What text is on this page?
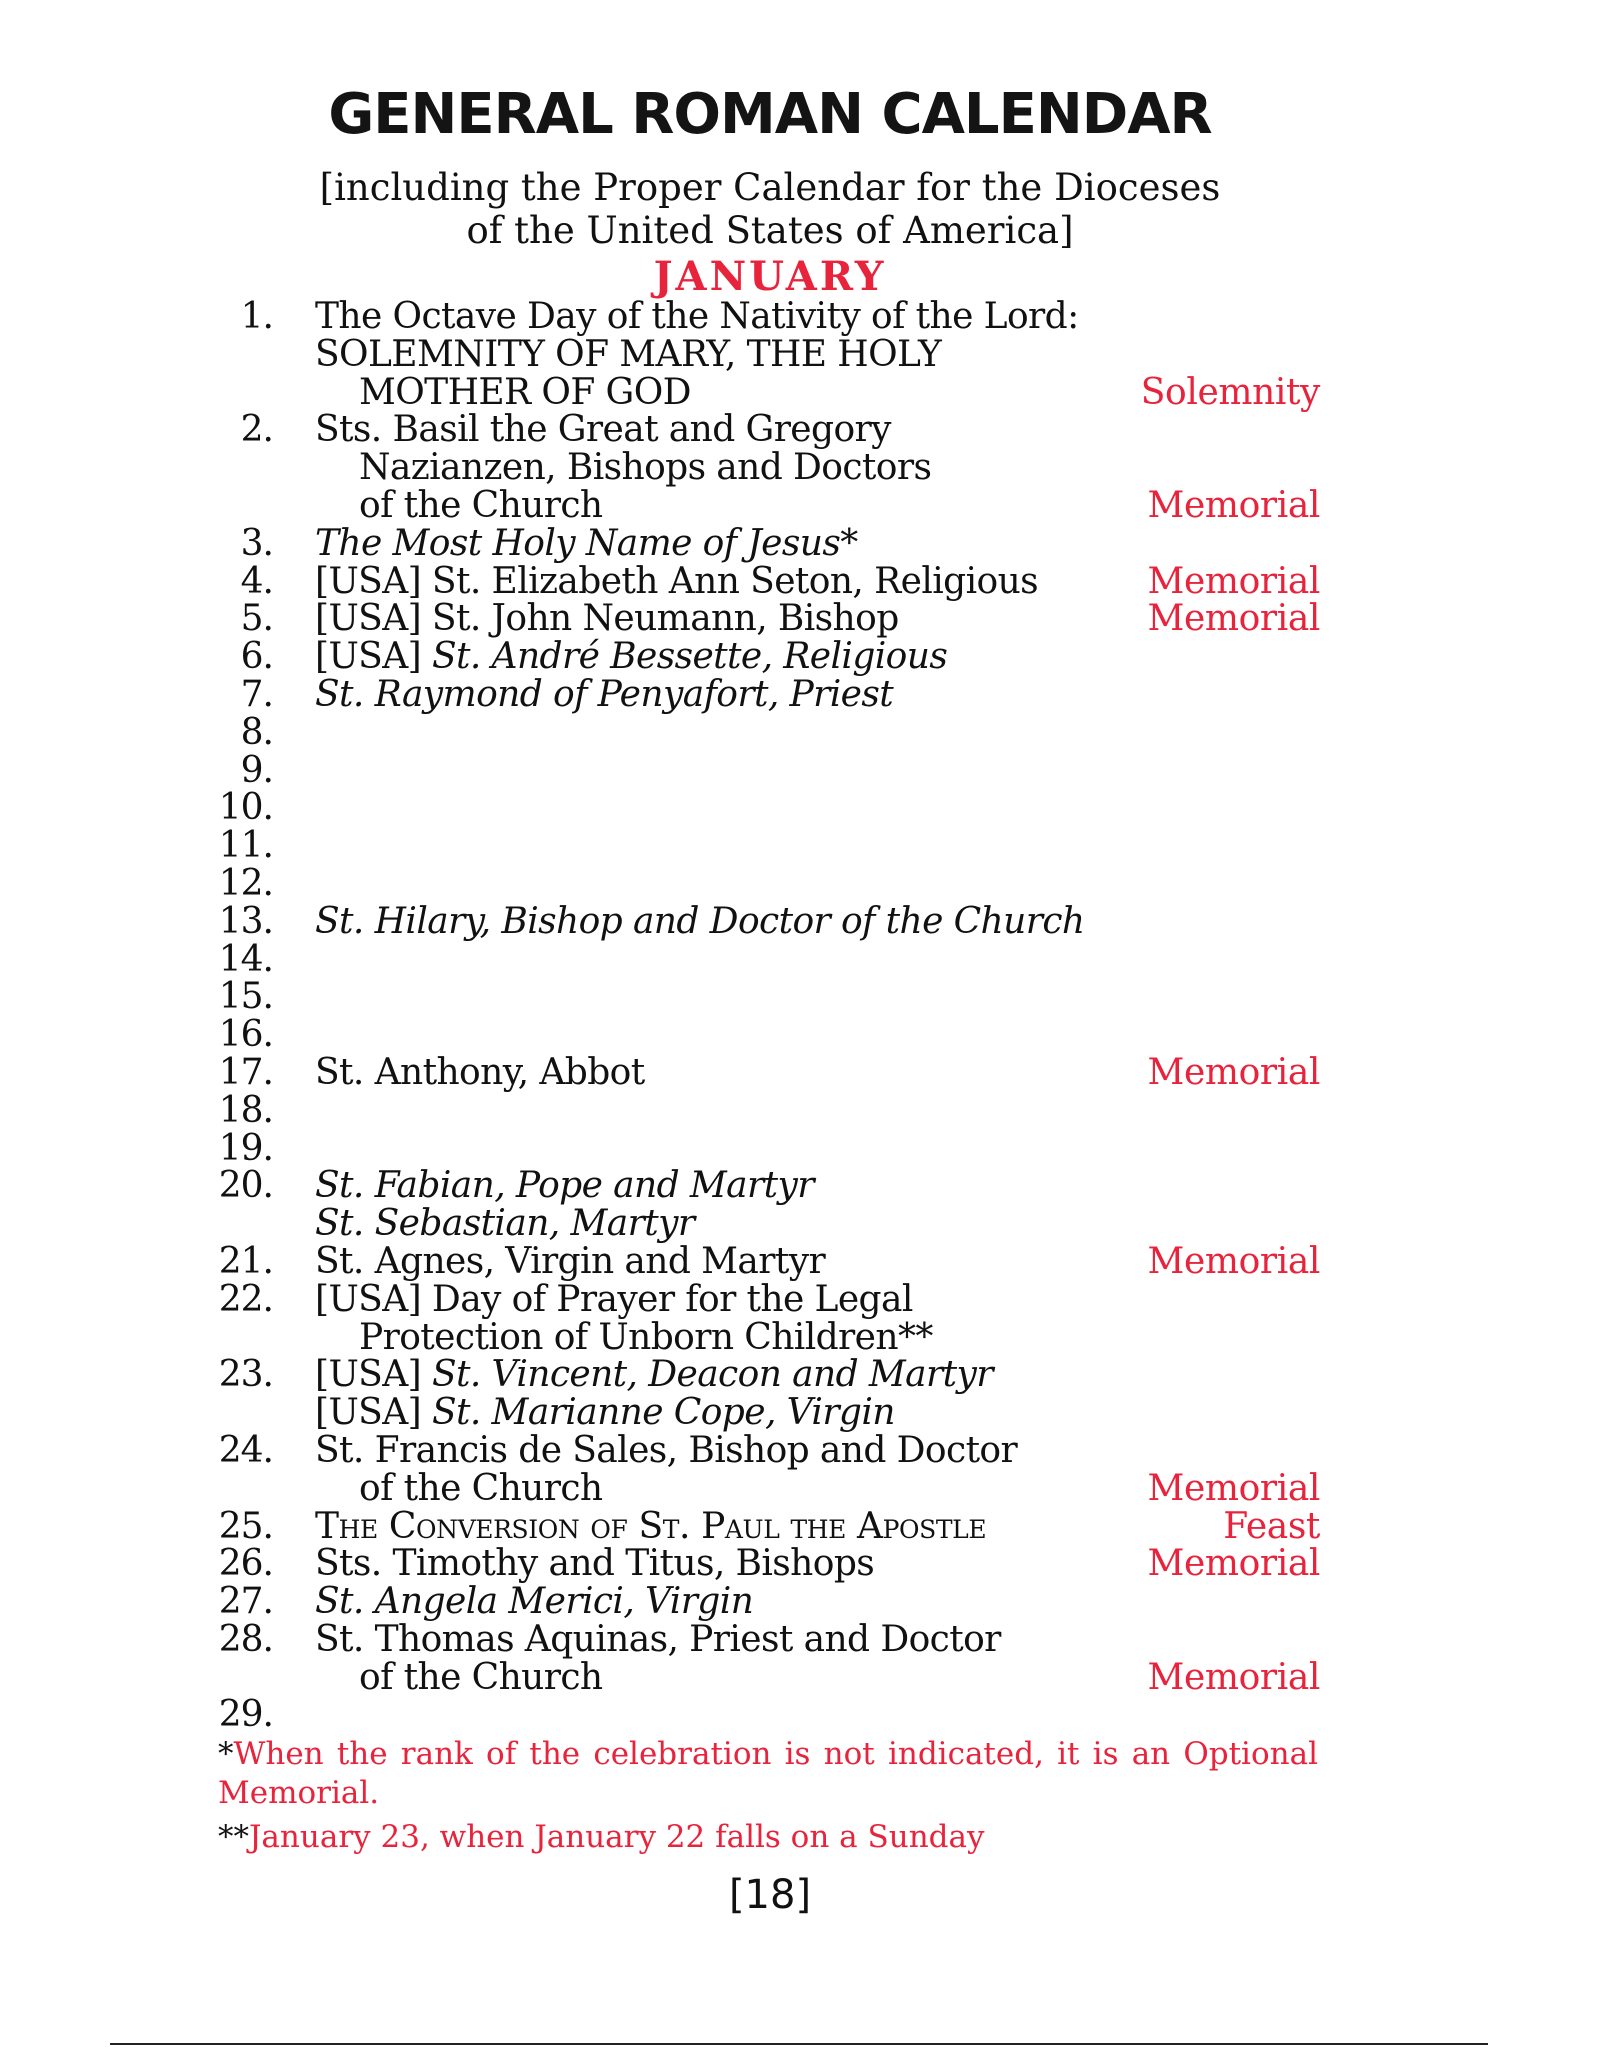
GENERAL ROMAN CALENDAR
[including the Proper Calendar for the Dioceses
of the United States of America]
JANUARY
1. The Octave Day of the Nativity of the Lord:
SOLEMNITY OF MARY, THE HOLY
MOTHER OF GOD	Solemnity
2. Sts. Basil the Great and Gregory
Nazianzen, Bishops and Doctors
of the Church	Memorial
3. The Most Holy Name of Jesus*
4. [USA] St. Elizabeth Ann Seton, Religious	Memorial
5. [USA] St. John Neumann, Bishop	Memorial
6. [USA] St. André Bessette, Religious
7. St. Raymond of Penyafort, Priest
8.
9.
10.
11.
12.
13. St. Hilary, Bishop and Doctor of the Church
14.
15.
16.
17. St. Anthony, Abbot	Memorial
18.
19.
20. St. Fabian, Pope and Martyr
St. Sebastian, Martyr
21. St. Agnes, Virgin and Martyr	Memorial
22. [USA] Day of Prayer for the Legal
Protection of Unborn Children**
23. [USA] St. Vincent, Deacon and Martyr
[USA] St. Marianne Cope, Virgin
24. St. Francis de Sales, Bishop and Doctor
of the Church	Memorial
25. The Conversion of St. Paul the Apostle	Feast
26. Sts. Timothy and Titus, Bishops	Memorial
27. St. Angela Merici, Virgin
28. St. Thomas Aquinas, Priest and Doctor
of the Church	Memorial
29.
*When the rank of the celebration is not indicated, it is an Optional Memorial.
**January 23, when January 22 falls on a Sunday
[18]
